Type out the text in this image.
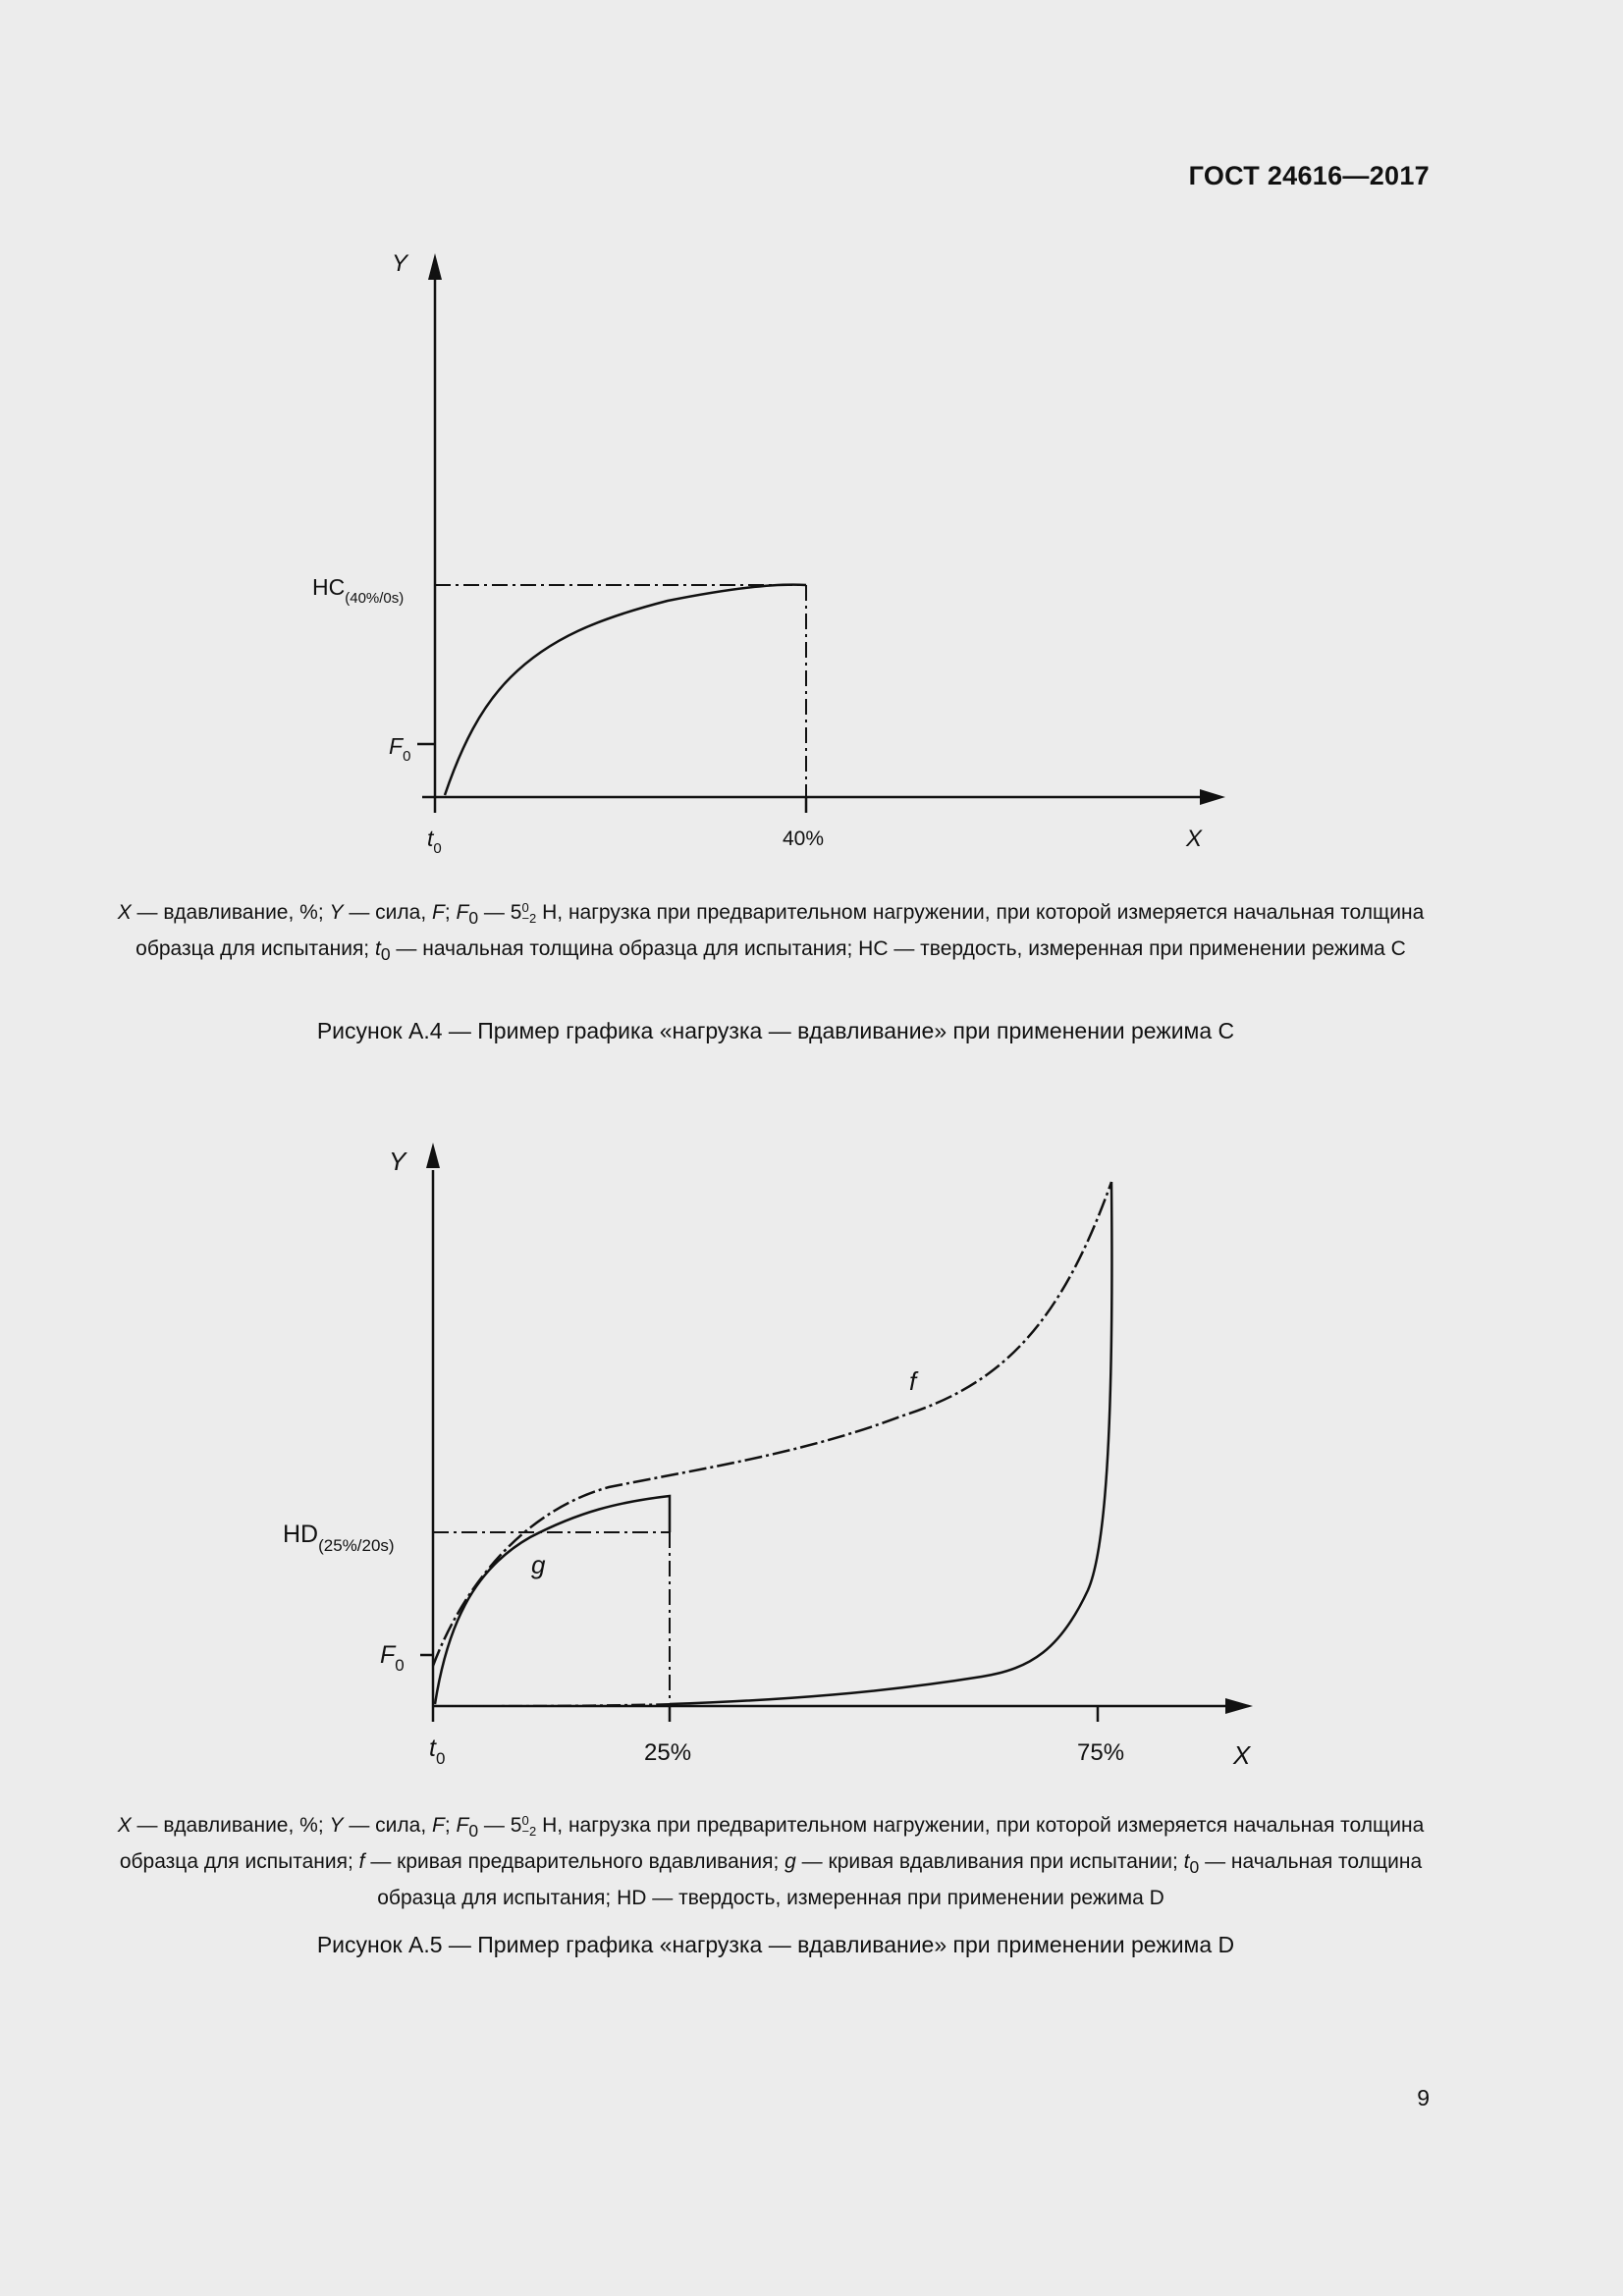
ГОСТ 24616—2017
Y
X
$HC_{(40\%/0s)}$
$F_0$
$t_0$	40%
X — вдавливание, %; Y — сила, F; $F_0$ — 5 0
−2 Н, нагрузка при предварительном нагружении, при которой измеряется начальная толщина образца для испытания; $t_0$ — начальная толщина образца для испытания; HC — твердость, измеренная при применении режима C
Рисунок А.4 — Пример графика «нагрузка — вдавливание» при применении режима C
Y
X
$HD_{(25\%/20s)}$
$F_0$
$t_0$	25%	75%
f
g
X — вдавливание, %; Y — сила, F; $F_0$ — 5 0
−2 Н, нагрузка при предварительном нагружении, при которой измеряется начальная толщина образца для испытания; f — кривая предварительного вдавливания; g — кривая вдавливания при испытании; $t_0$ — начальная толщина образца для испытания; HD — твердость, измеренная при применении режима D
Рисунок А.5 — Пример графика «нагрузка — вдавливание» при применении режима D
9
